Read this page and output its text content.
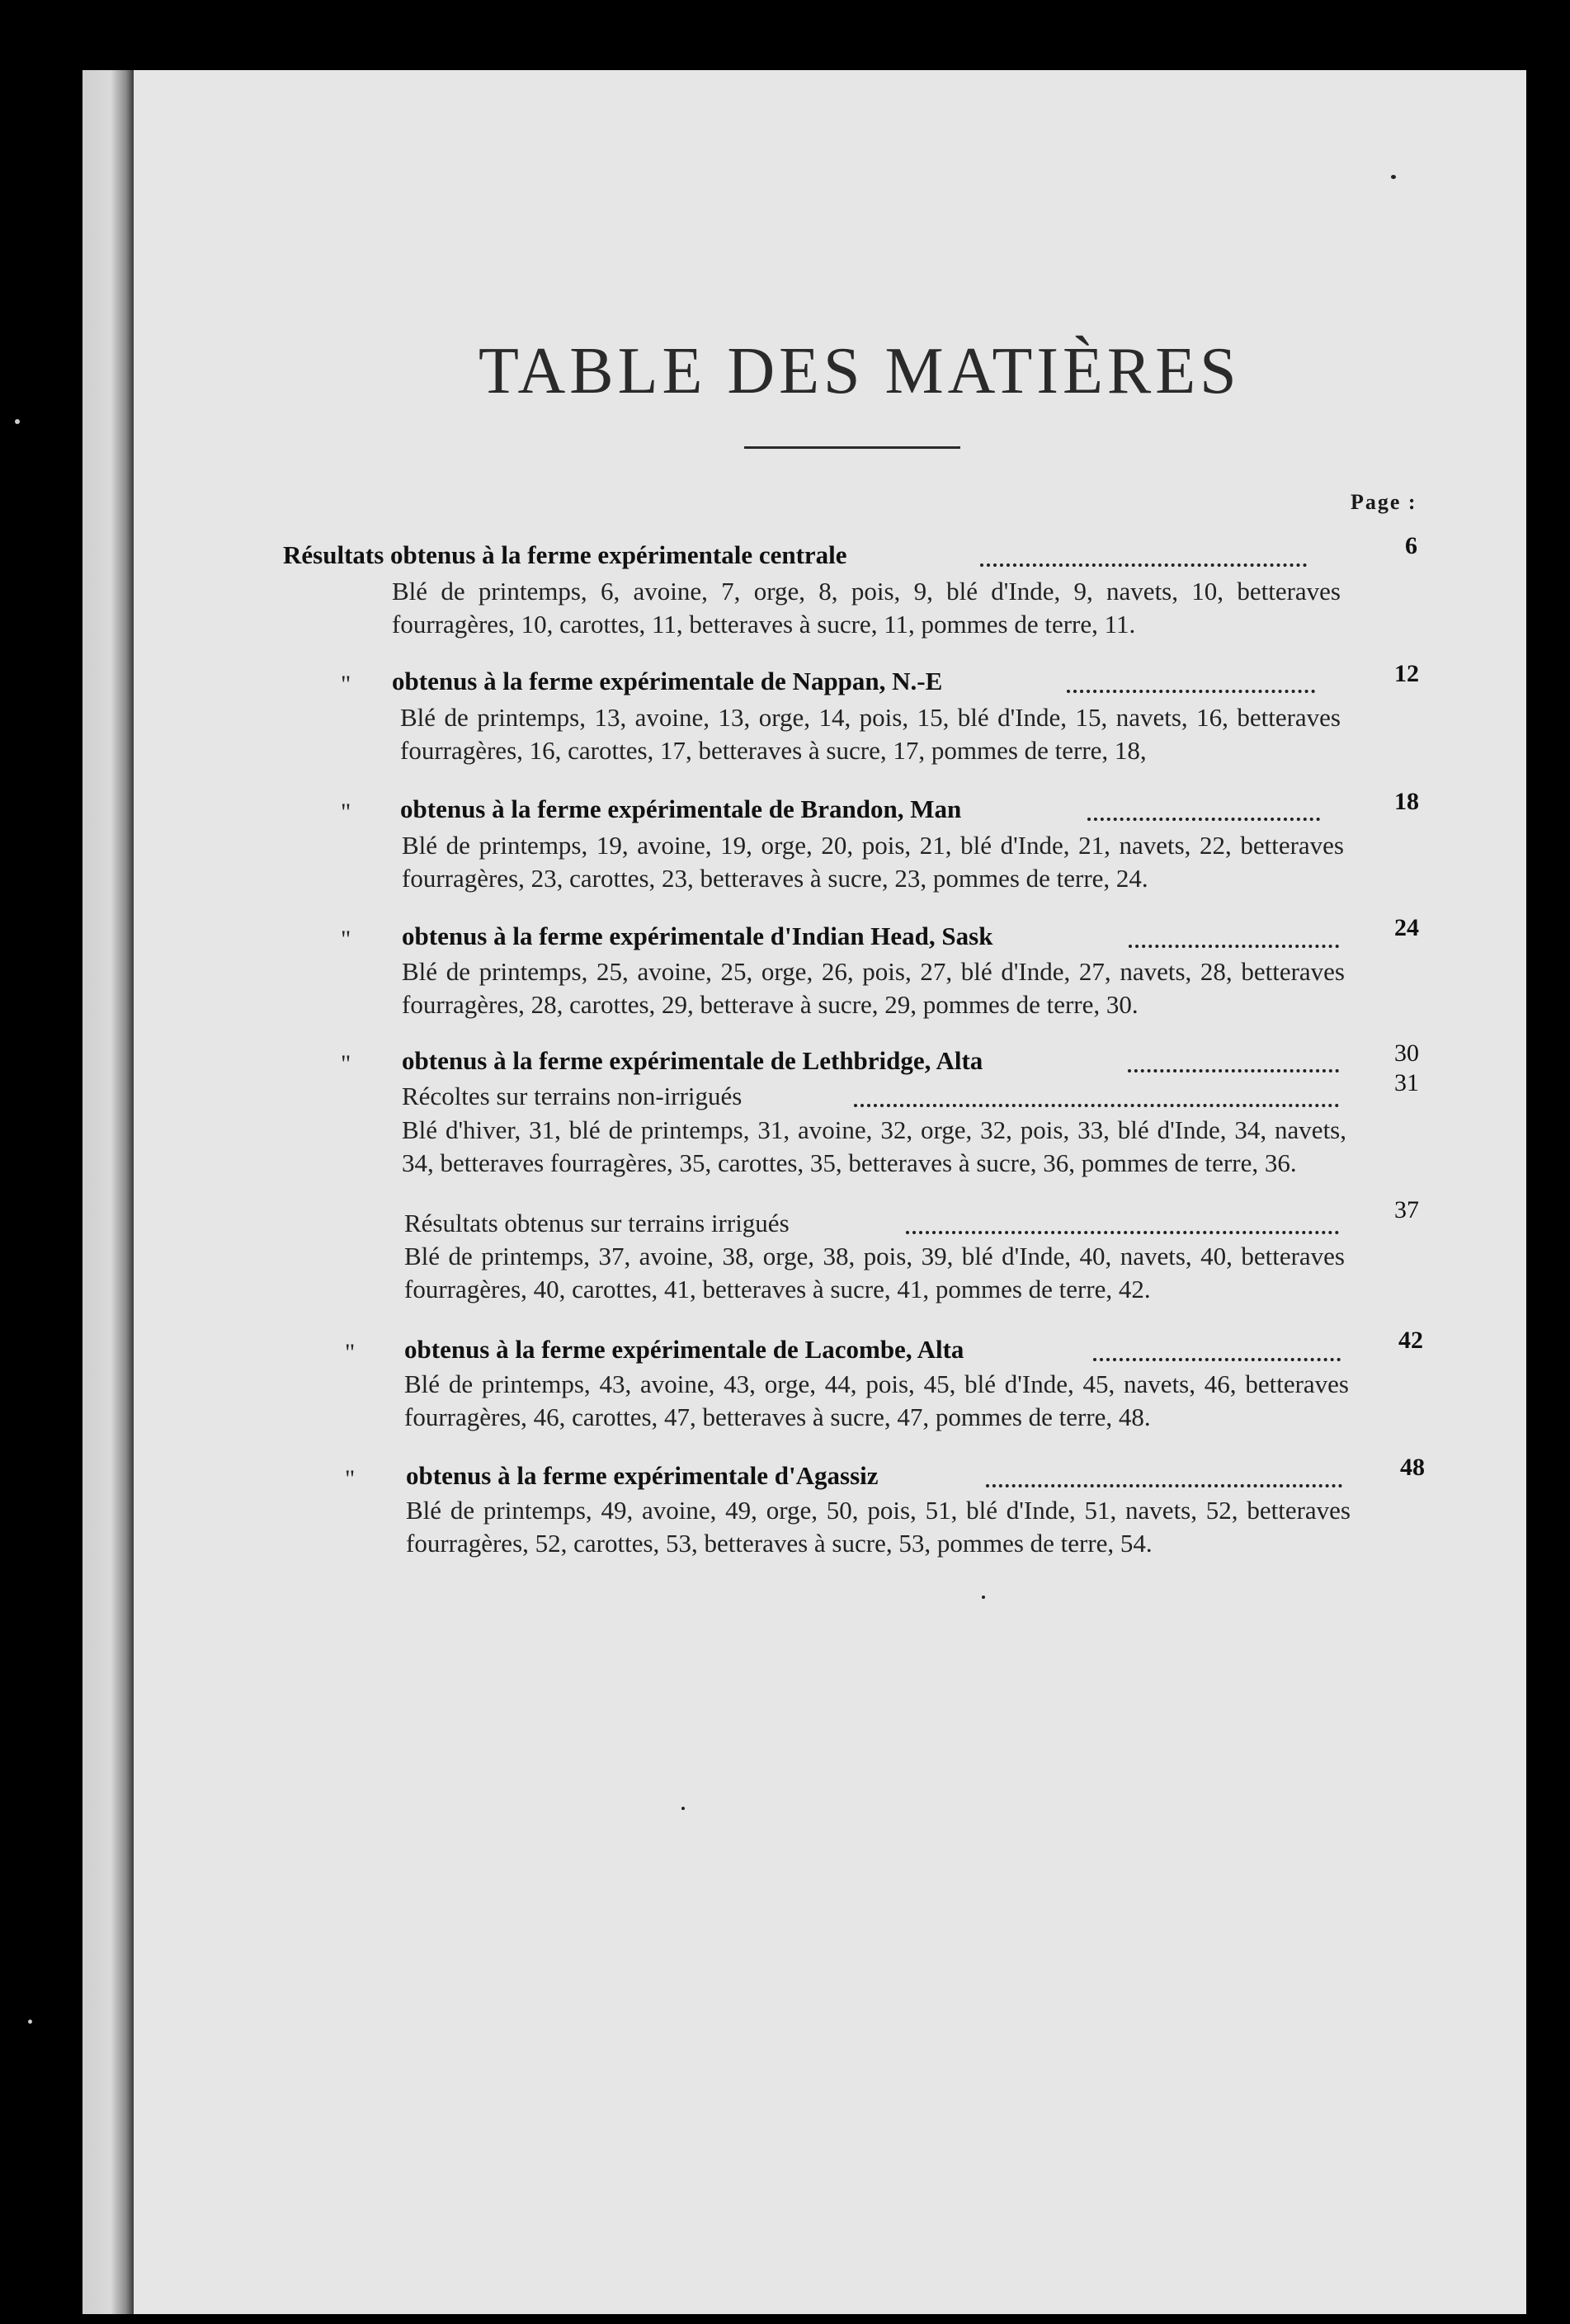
TABLE DES MATIÈRES
Page :
Résultats obtenus à la ferme expérimentale centrale	6
Blé de printemps, 6, avoine, 7, orge, 8, pois, 9, blé d'Inde, 9, navets, 10, betteraves fourragères, 10, carottes, 11, betteraves à sucre, 11, pommes de terre, 11.
" obtenus à la ferme expérimentale de Nappan, N.-E	12
Blé de printemps, 13, avoine, 13, orge, 14, pois, 15, blé d'Inde, 15, navets, 16, betteraves fourragères, 16, carottes, 17, betteraves à sucre, 17, pommes de terre, 18,
" obtenus à la ferme expérimentale de Brandon, Man	18
Blé de printemps, 19, avoine, 19, orge, 20, pois, 21, blé d'Inde, 21, navets, 22, betteraves fourragères, 23, carottes, 23, betteraves à sucre, 23, pommes de terre, 24.
" obtenus à la ferme expérimentale d'Indian Head, Sask	24
Blé de printemps, 25, avoine, 25, orge, 26, pois, 27, blé d'Inde, 27, navets, 28, betteraves fourragères, 28, carottes, 29, betterave à sucre, 29, pommes de terre, 30.
" obtenus à la ferme expérimentale de Lethbridge, Alta	30
Récoltes sur terrains non-irrigués	31
Blé d'hiver, 31, blé de printemps, 31, avoine, 32, orge, 32, pois, 33, blé d'Inde, 34, navets, 34, betteraves fourragères, 35, carottes, 35, betteraves à sucre, 36, pommes de terre, 36.
Résultats obtenus sur terrains irrigués	37
Blé de printemps, 37, avoine, 38, orge, 38, pois, 39, blé d'Inde, 40, navets, 40, betteraves fourragères, 40, carottes, 41, betteraves à sucre, 41, pommes de terre, 42.
" obtenus à la ferme expérimentale de Lacombe, Alta	42
Blé de printemps, 43, avoine, 43, orge, 44, pois, 45, blé d'Inde, 45, navets, 46, betteraves fourragères, 46, carottes, 47, betteraves à sucre, 47, pommes de terre, 48.
" obtenus à la ferme expérimentale d'Agassiz	48
Blé de printemps, 49, avoine, 49, orge, 50, pois, 51, blé d'Inde, 51, navets, 52, betteraves fourragères, 52, carottes, 53, betteraves à sucre, 53, pommes de terre, 54.
